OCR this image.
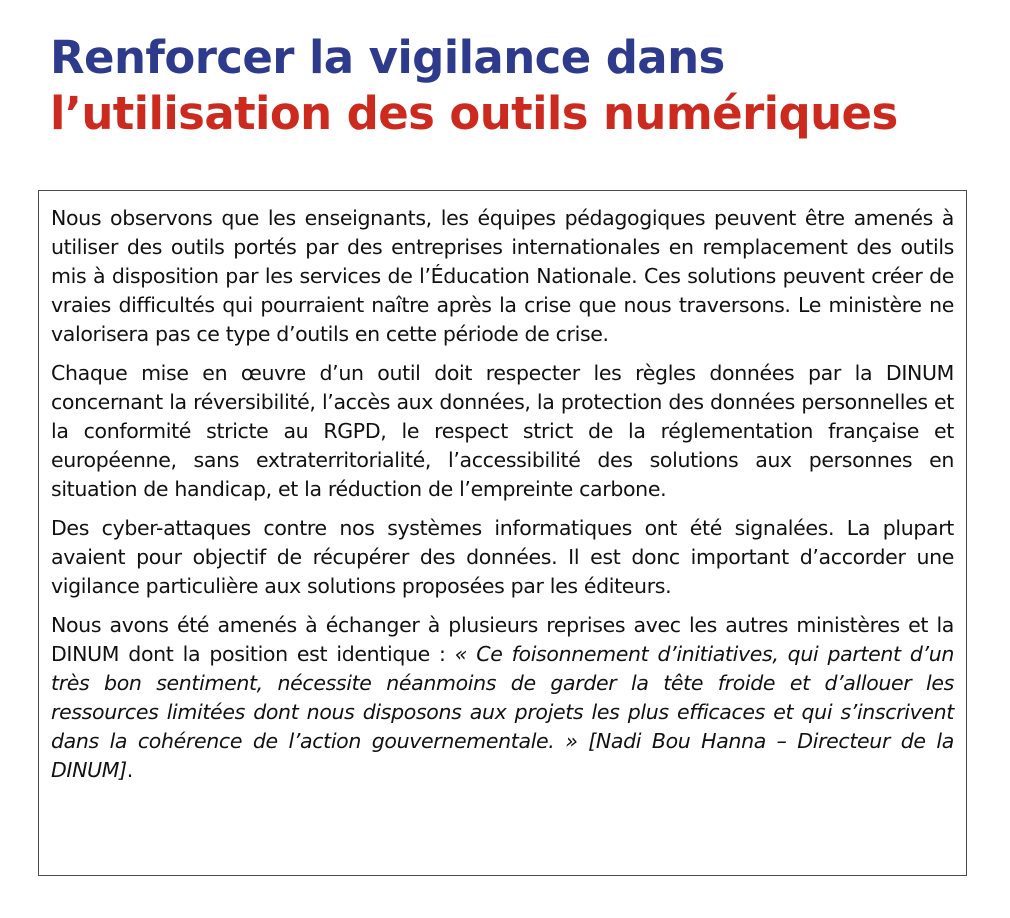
Renforcer la vigilance dans
l’utilisation des outils numériques

Nous observons que les enseignants, les équipes pédagogiques peuvent être amenés à utiliser des outils portés par des entreprises internationales en remplacement des outils mis à disposition par les services de l’Éducation Nationale. Ces solutions peuvent créer de vraies difficultés qui pourraient naître après la crise que nous traversons. Le ministère ne valorisera pas ce type d’outils en cette période de crise.

Chaque mise en œuvre d’un outil doit respecter les règles données par la DINUM concernant la réversibilité, l’accès aux données, la protection des données personnelles et la conformité stricte au RGPD, le respect strict de la réglementation française et européenne, sans extraterritorialité, l’accessibilité des solutions aux personnes en situation de handicap, et la réduction de l’empreinte carbone.

Des cyber-attaques contre nos systèmes informatiques ont été signalées. La plupart avaient pour objectif de récupérer des données. Il est donc important d’accorder une vigilance particulière aux solutions proposées par les éditeurs.

Nous avons été amenés à échanger à plusieurs reprises avec les autres ministères et la DINUM dont la position est identique : « Ce foisonnement d’initiatives, qui partent d’un très bon sentiment, nécessite néanmoins de garder la tête froide et d’allouer les ressources limitées dont nous disposons aux projets les plus efficaces et qui s’inscrivent dans la cohérence de l’action gouvernementale. » [Nadi Bou Hanna – Directeur de la DINUM].
